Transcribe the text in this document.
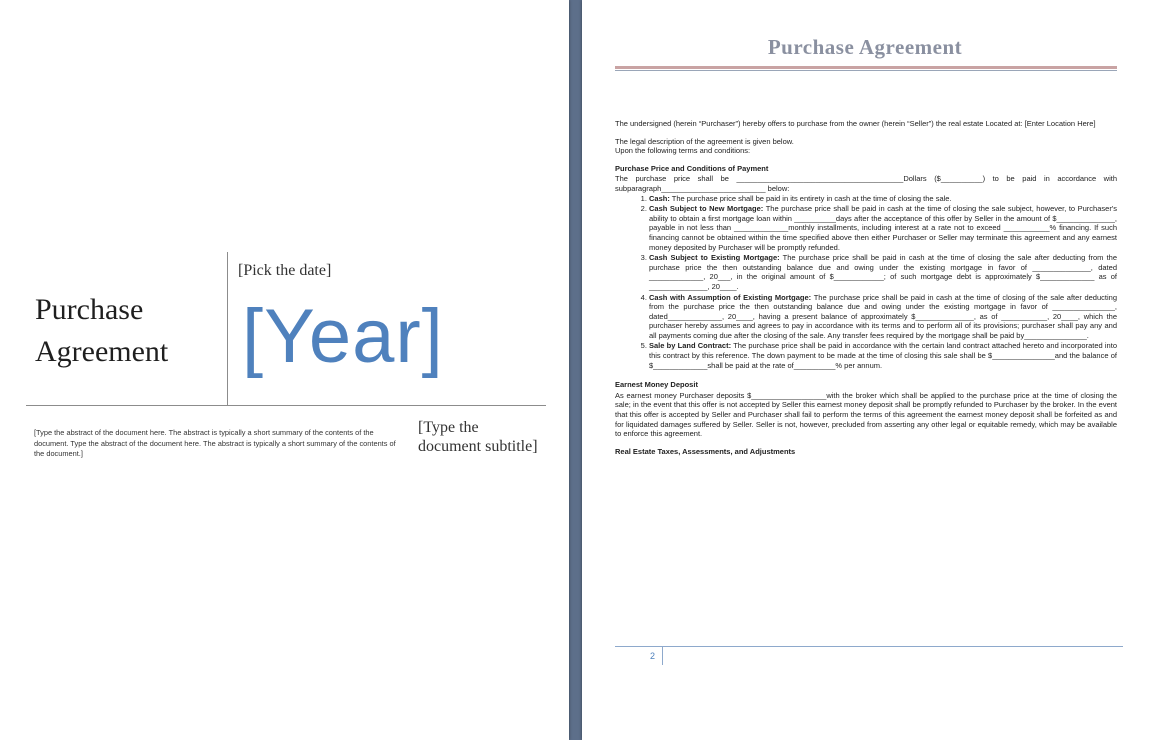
Purchase Agreement
[Pick the date]
[Year]
[Type the abstract of the document here. The abstract is typically a short summary of the contents of the document. Type the abstract of the document here. The abstract is typically a short summary of the contents of the document.]
[Type the document subtitle]
Purchase Agreement

The undersigned (herein “Purchaser”) hereby offers to purchase from the owner (herein “Seller”) the real estate Located at: [Enter Location Here]

The legal description of the agreement is given below.
Upon the following terms and conditions:
Purchase Price and Conditions of Payment
The purchase price shall be ________________________________________Dollars ($__________) to be paid in accordance with subparagraph_________________________ below:
1. Cash: The purchase price shall be paid in its entirety in cash at the time of closing the sale.
2. Cash Subject to New Mortgage: The purchase price shall be paid in cash at the time of closing the sale subject, however, to Purchaser's ability to obtain a first mortgage loan within __________days after the acceptance of this offer by Seller in the amount of $______________, payable in not less than _____________monthly installments, including interest at a rate not to exceed ___________% financing. If such financing cannot be obtained within the time specified above then either Purchaser or Seller may terminate this agreement and any earnest money deposited by Purchaser will be promptly refunded.
3. Cash Subject to Existing Mortgage: The purchase price shall be paid in cash at the time of closing the sale after deducting from the purchase price the then outstanding balance due and owing under the existing mortgage in favor of ______________, dated _____________, 20___, in the original amount of $____________; of such mortgage debt is approximately $_____________ as of ______________, 20____.
4. Cash with Assumption of Existing Mortgage: The purchase price shall be paid in cash at the time of closing of the sale after deducting from the purchase price the then outstanding balance due and owing under the existing mortgage in favor of _______________, dated_____________, 20____, having a present balance of approximately $______________, as of ___________, 20____, which the purchaser hereby assumes and agrees to pay in accordance with its terms and to perform all of its provisions; purchaser shall pay any and all payments coming due after the closing of the sale. Any transfer fees required by the mortgage shall be paid by_______________.
5. Sale by Land Contract: The purchase price shall be paid in accordance with the certain land contract attached hereto and incorporated into this contract by this reference. The down payment to be made at the time of closing this sale shall be $_______________and the balance of $_____________shall be paid at the rate of__________% per annum.
Earnest Money Deposit

As earnest money Purchaser deposits $__________________with the broker which shall be applied to the purchase price at the time of closing the sale; in the event that this offer is not accepted by Seller this earnest money deposit shall be promptly refunded to Purchaser by the broker. In the event that this offer is accepted by Seller and Purchaser shall fail to perform the terms of this agreement the earnest money deposit shall be forfeited as and for liquidated damages suffered by Seller. Seller is not, however, precluded from asserting any other legal or equitable remedy, which may be available to enforce this agreement.

Real Estate Taxes, Assessments, and Adjustments
2
